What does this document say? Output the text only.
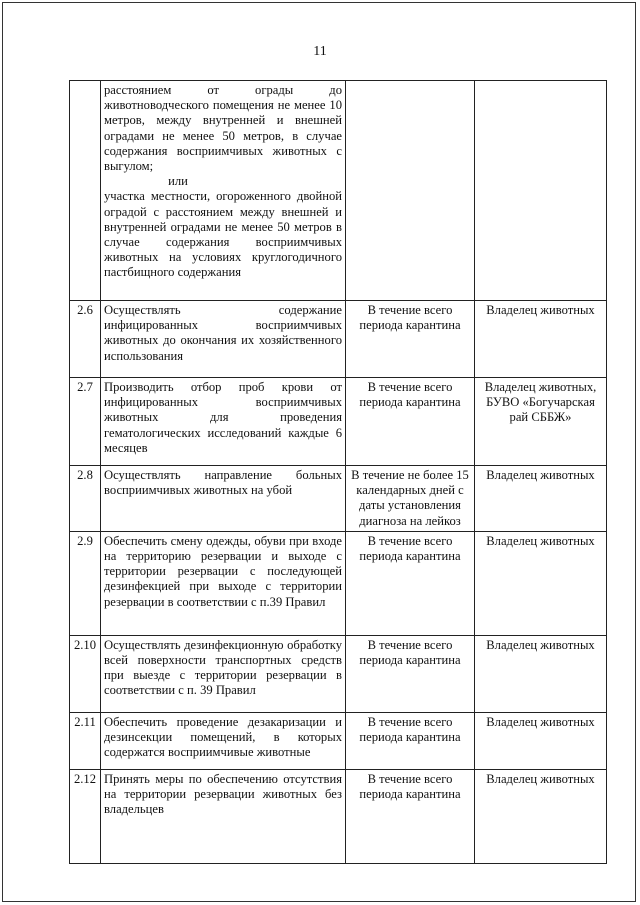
11

	расстоянием от ограды до животноводческого помещения не менее 10 метров, между внутренней и внешней оградами не менее 50 метров, в случае содержания восприимчивых животных с выгулом;
или
участка местности, огороженного двойной оградой с расстоянием между внешней и внутренней оградами не менее 50 метров в случае содержания восприимчивых животных на условиях круглогодичного пастбищного содержания		

2.6	Осуществлять содержание инфицированных восприимчивых животных до окончания их хозяйственного использования	В течение всего периода карантина	Владелец животных
2.7	Производить отбор проб крови от инфицированных восприимчивых животных для проведения гематологических исследований каждые 6 месяцев	В течение всего периода карантина	Владелец животных, БУВО «Богучарская рай СББЖ»
2.8	Осуществлять направление больных восприимчивых животных на убой	В течение не более 15 календарных дней с даты установления диагноза на лейкоз	Владелец животных
2.9	Обеспечить смену одежды, обуви при входе на территорию резервации и выходе с территории резервации с последующей дезинфекцией при выходе с территории резервации в соответствии с п.39 Правил	В течение всего периода карантина	Владелец животных
2.10	Осуществлять дезинфекционную обработку всей поверхности транспортных средств при выезде с территории резервации в соответствии с п. 39 Правил	В течение всего периода карантина	Владелец животных
2.11	Обеспечить проведение дезакаризации и дезинсекции помещений, в которых содержатся восприимчивые животные	В течение всего периода карантина	Владелец животных
2.12	Принять меры по обеспечению отсутствия на территории резервации животных без владельцев	В течение всего периода карантина	Владелец животных
